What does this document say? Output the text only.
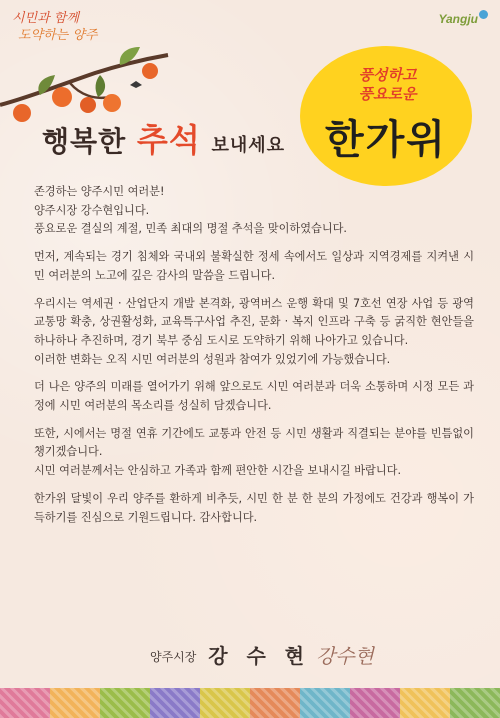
시민과 함께
도약하는 양주
Yangju
행복한 추석 보내세요
풍성하고
풍요로운
한가위

존경하는 양주시민 여러분!
양주시장 강수현입니다.
풍요로운 결실의 계절, 민족 최대의 명절 추석을 맞이하였습니다.

먼저, 계속되는 경기 침체와 국내외 불확실한 정세 속에서도 일상과 지역경제를 지켜낸 시민 여러분의 노고에 깊은 감사의 말씀을 드립니다.

우리시는 역세권 · 산업단지 개발 본격화, 광역버스 운행 확대 및 7호선 연장 사업 등 광역교통망 확충, 상권활성화, 교육특구사업 추진, 문화 · 복지 인프라 구축 등 굵직한 현안들을 하나하나 추진하며, 경기 북부 중심 도시로 도약하기 위해 나아가고 있습니다.
이러한 변화는 오직 시민 여러분의 성원과 참여가 있었기에 가능했습니다.

더 나은 양주의 미래를 열어가기 위해 앞으로도 시민 여러분과 더욱 소통하며 시정 모든 과정에 시민 여러분의 목소리를 성실히 담겠습니다.

또한, 시에서는 명절 연휴 기간에도 교통과 안전 등 시민 생활과 직결되는 분야를 빈틈없이 챙기겠습니다.
시민 여러분께서는 안심하고 가족과 함께 편안한 시간을 보내시길 바랍니다.

한가위 달빛이 우리 양주를 환하게 비추듯, 시민 한 분 한 분의 가정에도 건강과 행복이 가득하기를 진심으로 기원드립니다. 감사합니다.

양주시장 강 수 현 강수현
